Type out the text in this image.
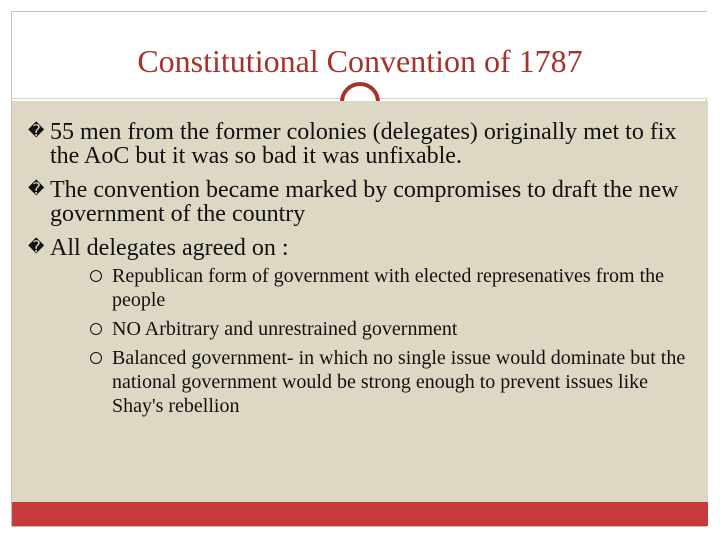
Constitutional Convention of 1787
� 55 men from the former colonies (delegates) originally met to fix the AoC but it was so bad it was unfixable.
� The convention became marked by compromises to draft the new government of the country
� All delegates agreed on :
Republican form of government with elected represenatives from the people
NO Arbitrary and unrestrained government
Balanced government- in which no single issue would dominate but the national government would be strong enough to prevent issues like Shay's rebellion
